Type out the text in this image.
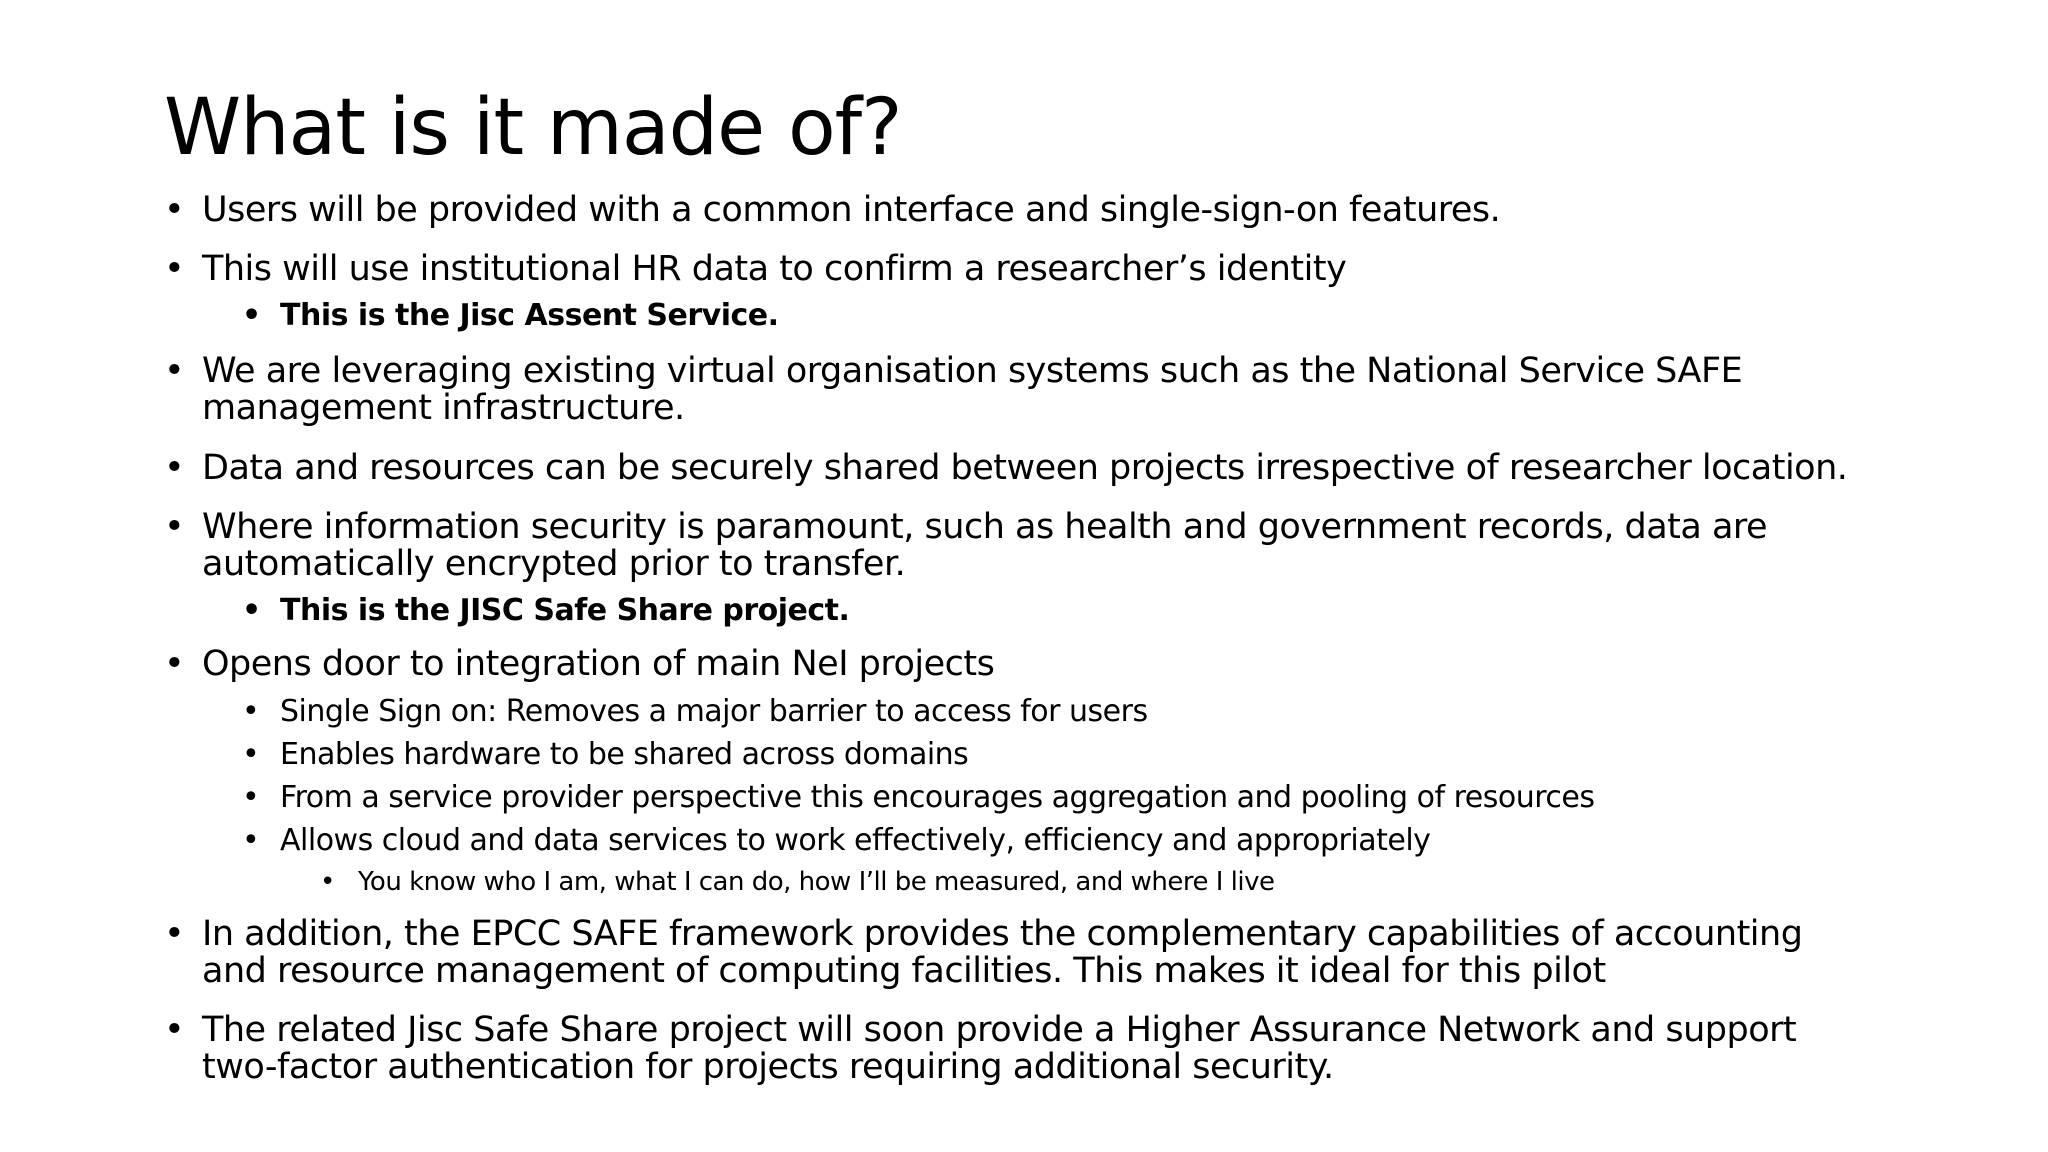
What is it made of?
• Users will be provided with a common interface and single-sign-on features.
• This will use institutional HR data to confirm a researcher’s identity
• This is the Jisc Assent Service.
• We are leveraging existing virtual organisation systems such as the National Service SAFE
management infrastructure.
• Data and resources can be securely shared between projects irrespective of researcher location.
• Where information security is paramount, such as health and government records, data are
automatically encrypted prior to transfer.
• This is the JISC Safe Share project.
• Opens door to integration of main NeI projects
• Single Sign on: Removes a major barrier to access for users
• Enables hardware to be shared across domains
• From a service provider perspective this encourages aggregation and pooling of resources
• Allows cloud and data services to work effectively, efficiency and appropriately
• You know who I am, what I can do, how I’ll be measured, and where I live
• In addition, the EPCC SAFE framework provides the complementary capabilities of accounting
and resource management of computing facilities. This makes it ideal for this pilot
• The related Jisc Safe Share project will soon provide a Higher Assurance Network and support
two-factor authentication for projects requiring additional security.
